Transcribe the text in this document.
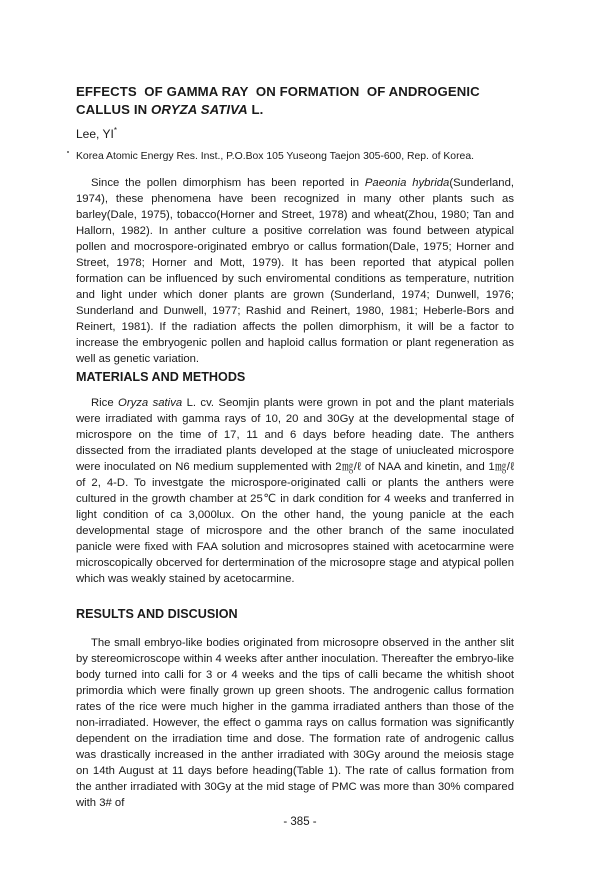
EFFECTS  OF GAMMA RAY  ON FORMATION  OF ANDROGENIC
CALLUS IN ORYZA SATIVA L.
Lee, YI*
Korea Atomic Energy Res. Inst., P.O.Box 105 Yuseong Taejon 305-600, Rep. of Korea.
Since the pollen dimorphism has been reported in Paeonia hybrida(Sunderland, 1974), these phenomena have been recognized in many other plants such as barley(Dale, 1975), tobacco(Horner and Street, 1978) and wheat(Zhou, 1980; Tan and Hallorn, 1982). In anther culture a positive correlation was found between atypical pollen and mocrospore-originated embryo or callus formation(Dale, 1975; Horner and Street, 1978; Horner and Mott, 1979). It has been reported that atypical pollen formation can be influenced by such enviromental conditions as temperature, nutrition and light under which doner plants are grown (Sunderland, 1974; Dunwell, 1976; Sunderland and Dunwell, 1977; Rashid and Reinert, 1980, 1981; Heberle-Bors and Reinert, 1981). If the radiation affects the pollen dimorphism, it will be a factor to increase the embryogenic pollen and haploid callus formation or plant regeneration as well as genetic variation.
MATERIALS AND METHODS
Rice Oryza sativa L. cv. Seomjin plants were grown in pot and the plant materials were irradiated with gamma rays of 10, 20 and 30Gy at the developmental stage of microspore on the time of 17, 11 and 6 days before heading date. The anthers dissected from the irradiated plants developed at the stage of uniucleated microspore were inoculated on N6 medium supplemented with 2㎎/ℓ of NAA and kinetin, and 1㎎/ℓ of 2, 4-D. To investgate the microspore-originated calli or plants the anthers were cultured in the growth chamber at 25℃ in dark condition for 4 weeks and tranferred in light condition of ca 3,000lux. On the other hand, the young panicle at the each developmental stage of microspore and the other branch of the same inoculated panicle were fixed with FAA solution and microsopres stained with acetocarmine were microscopically obcerved for dertermination of the microsopre stage and atypical pollen which was weakly stained by acetocarmine.
RESULTS AND DISCUSION
The small embryo-like bodies originated from microsopre observed in the anther slit by stereomicroscope within 4 weeks after anther inoculation. Thereafter the embryo-like body turned into calli for 3 or 4 weeks and the tips of calli became the whitish shoot primordia which were finally grown up green shoots. The androgenic callus formation rates of the rice were much higher in the gamma irradiated anthers than those of the non-irradiated. However, the effect o gamma rays on callus formation was significantly dependent on the irradiation time and dose. The formation rate of androgenic callus was drastically increased in the anther irradiated with 30Gy around the meiosis stage on 14th August at 11 days before heading(Table 1). The rate of callus formation from the anther irradiated with 30Gy at the mid stage of PMC was more than 30% compared with 3# of
- 385 -
